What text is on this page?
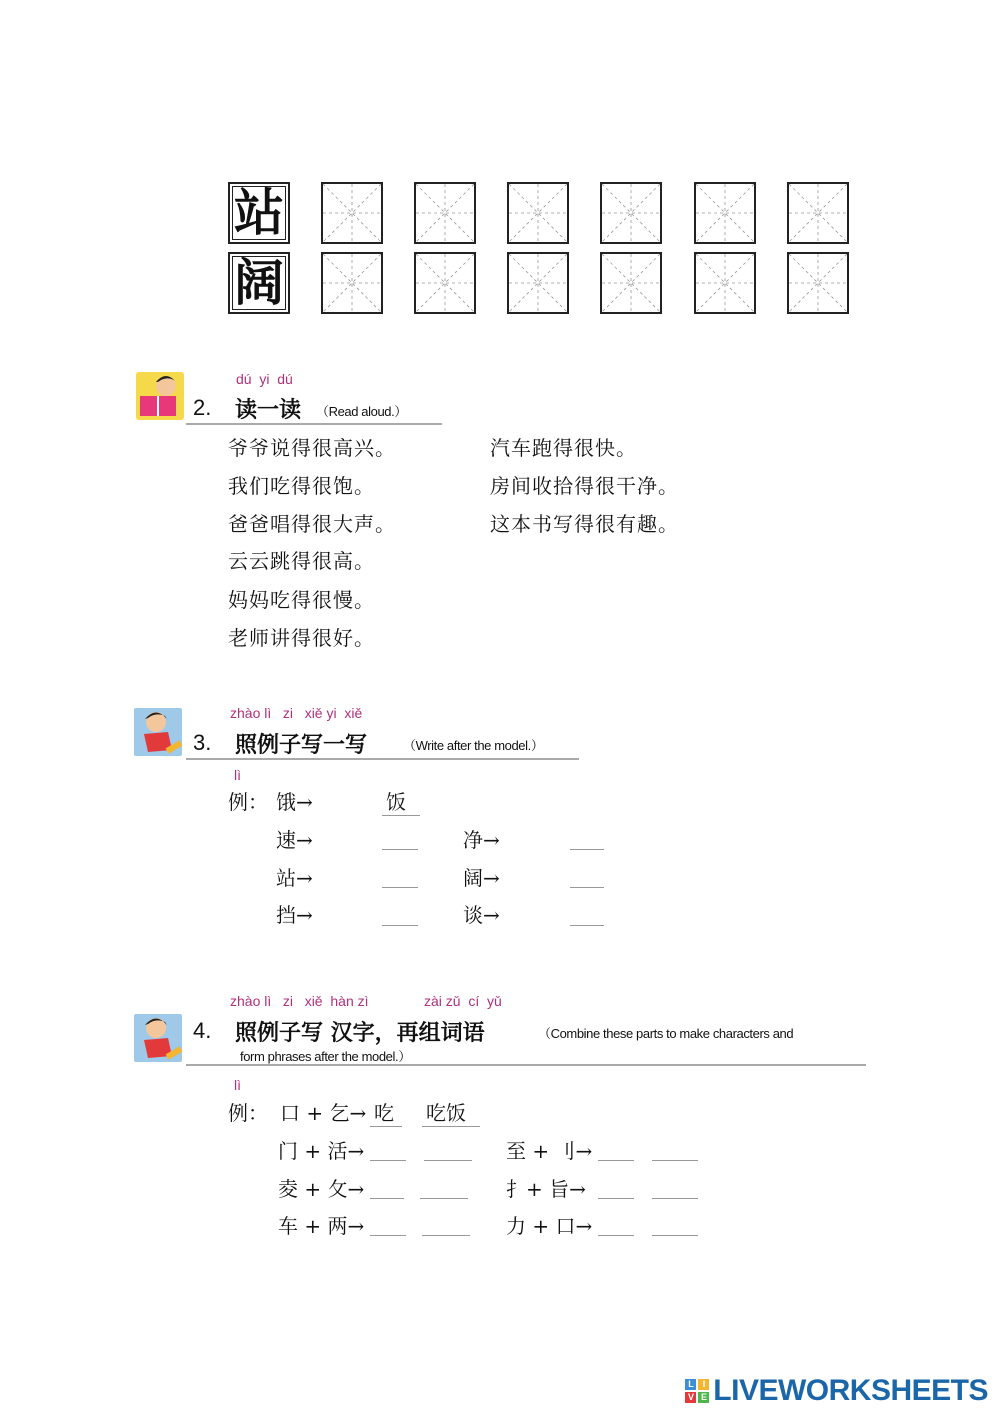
dú  yi  dú
2. 读一读 （Read aloud.）
爷爷说得很高兴。
我们吃得很饱。
爸爸唱得很大声。
云云跳得很高。
妈妈吃得很慢。
老师讲得很好。
汽车跑得很快。
房间收拾得很干净。
这本书写得很有趣。
zhào lì   zi   xiě yi  xiě
3. 照例子写一写	（Write after the model.）
lì
例： 饿→	饭
速→	净→
站→	阔→
挡→	谈→
zhào lì   zi   xiě  hàn zì	zài zǔ  cí  yǔ
4. 照例子写 汉字，再组词语	（Combine these parts to make characters and
form phrases after the model.）
lì
例： 口 + 乞→ 吃	吃饭
门 + 活→	至 + 刂→
夌 + 攵→	扌+ 旨→
车 + 两→	力 + 口→
L	I
V E LIVEWORKSHEETS
站
阔
